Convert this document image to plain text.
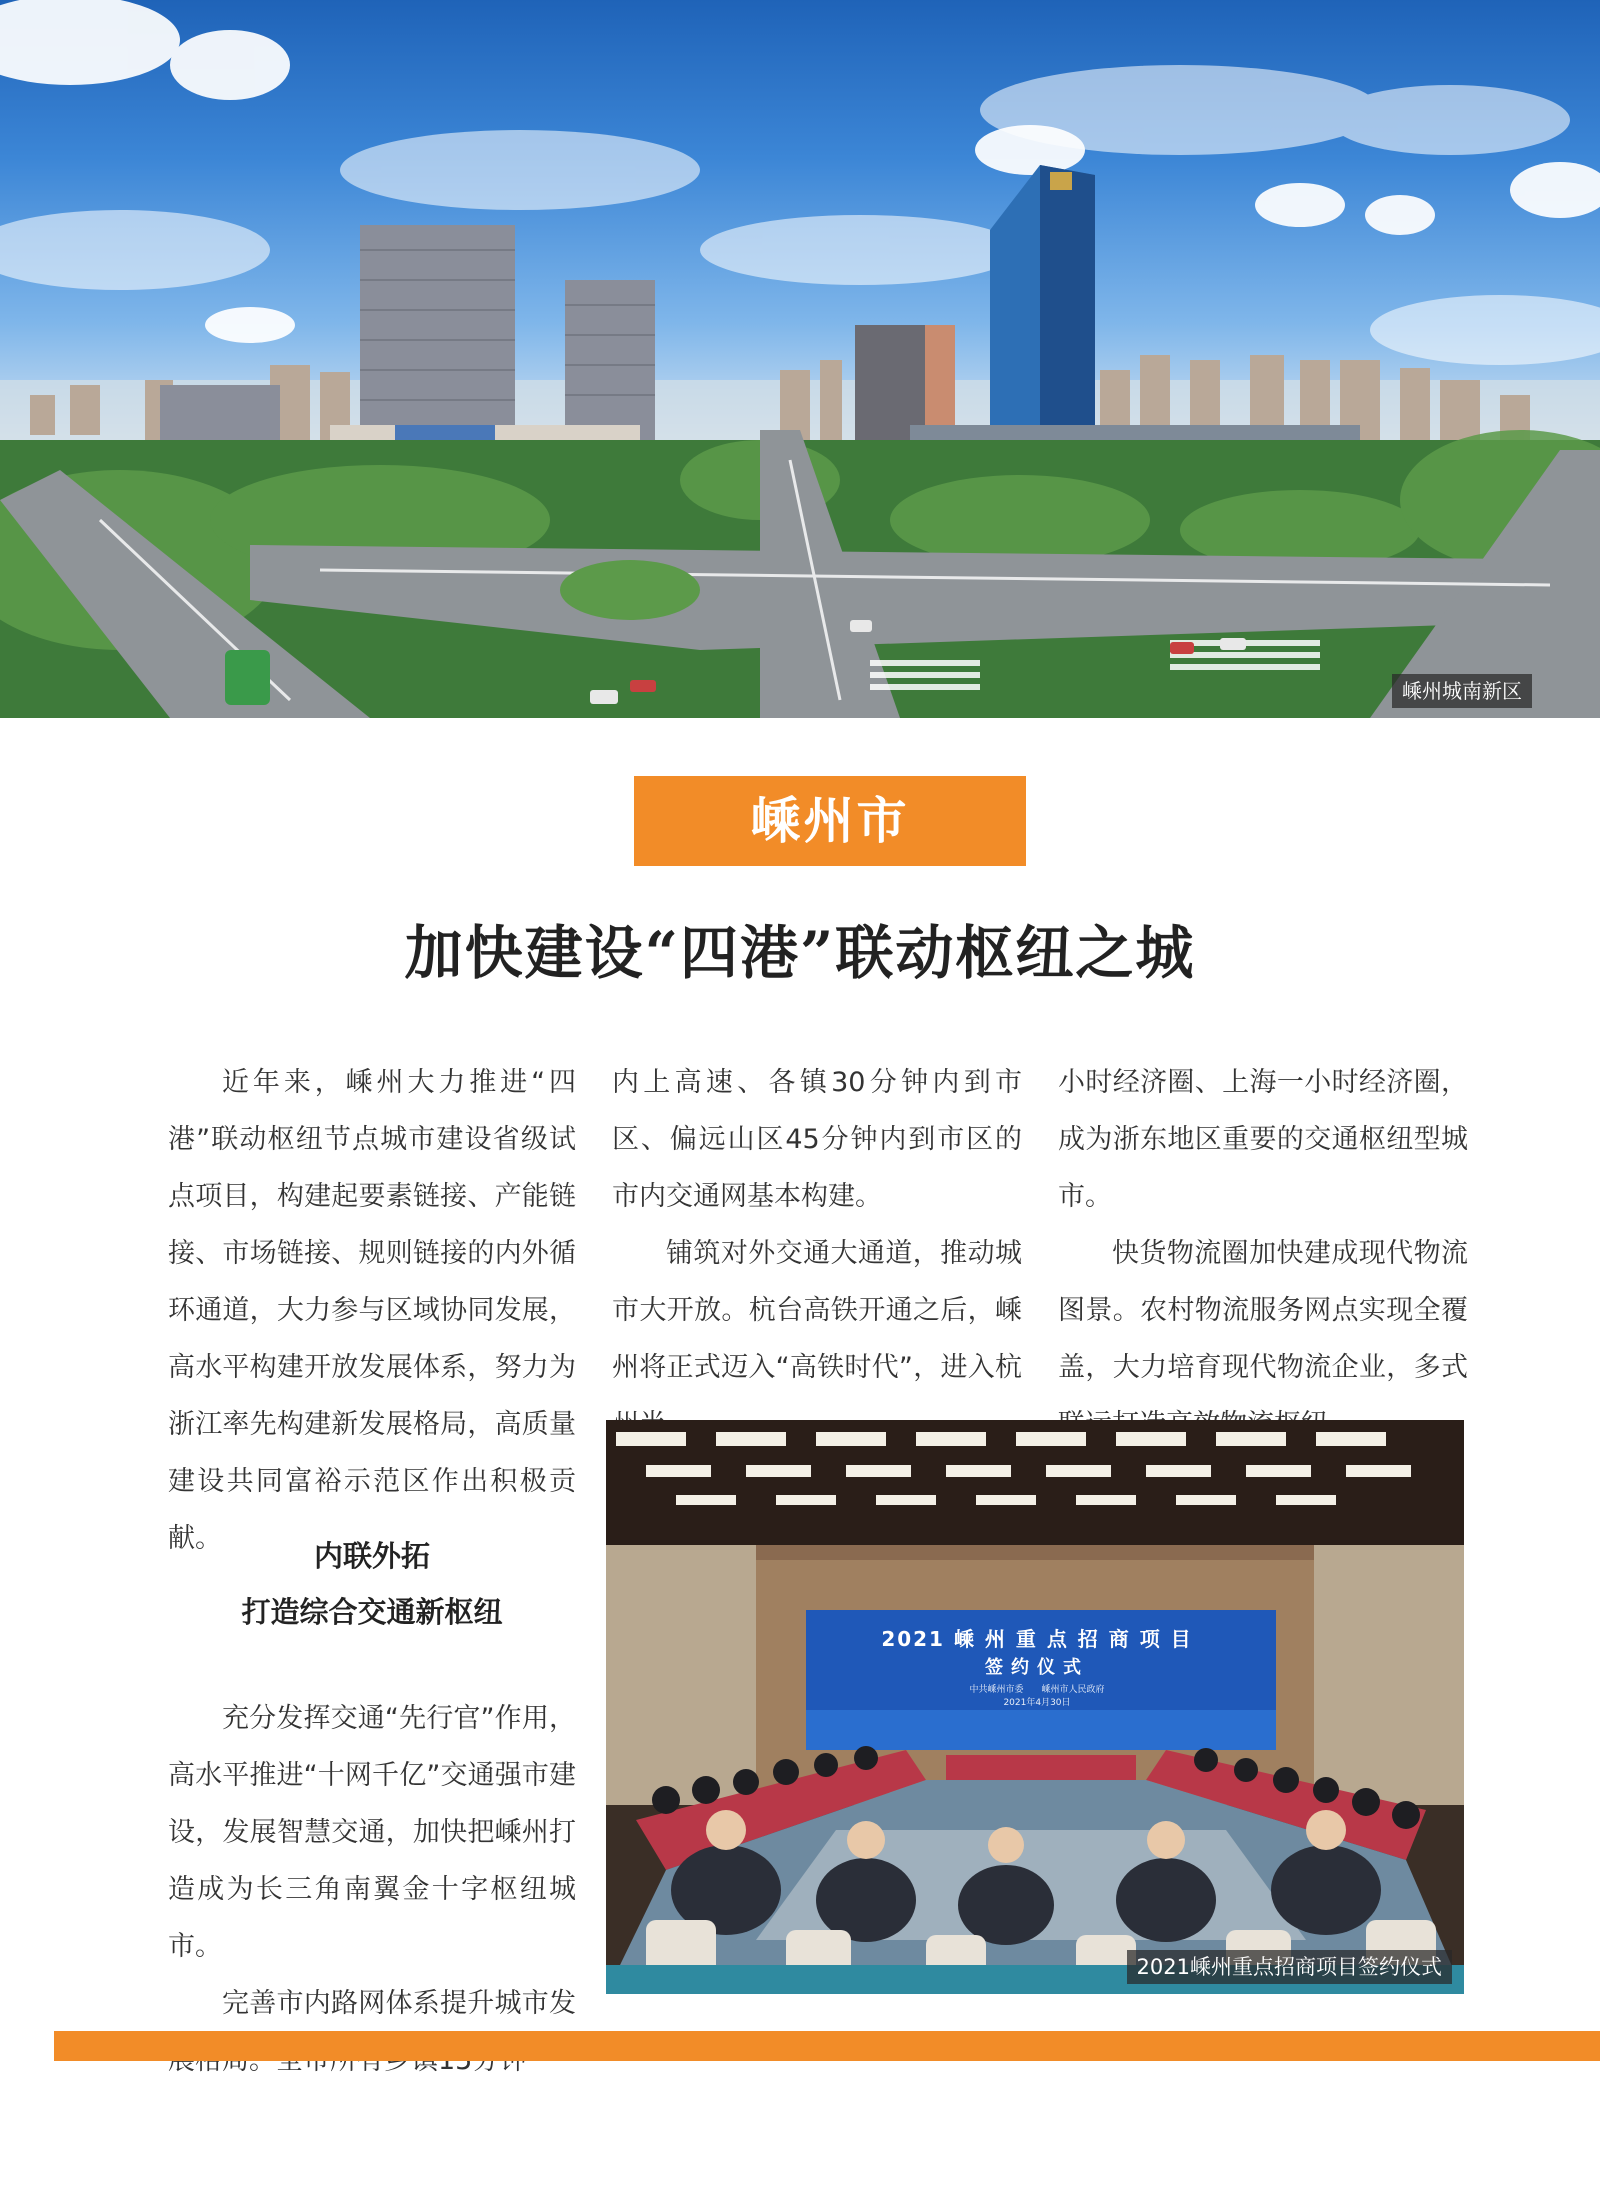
嵊州城南新区
嵊州市
加快建设“四港”联动枢纽之城

近年来，嵊州大力推进“四港”联动枢纽节点城市建设省级试点项目，构建起要素链接、产能链接、市场链接、规则链接的内外循环通道，大力参与区域协同发展，高水平构建开放发展体系，努力为浙江率先构建新发展格局，高质量建设共同富裕示范区作出积极贡献。

内联外拓
打造综合交通新枢纽

充分发挥交通“先行官”作用，高水平推进“十网千亿”交通强市建设，发展智慧交通，加快把嵊州打造成为长三角南翼金十字枢纽城市。

完善市内路网体系提升城市发

内上高速、各镇30分钟内到市区、偏远山区45分钟内到市区的市内交通网基本构建。

铺筑对外交通大通道，推动城市大开放。杭台高铁开通之后，嵊州将正式迈入“高铁时代”，进入杭

小时经济圈、上海一小时经济圈，成为浙东地区重要的交通枢纽型城市。

快货物流圈加快建成现代物流图景。农村物流服务网点实现全覆盖，大力培育现代物流企业，多式

2021 嵊 州 重 点 招 商 项 目
签约仪式
中共嵊州市委　　嵊州市人民政府
2021年4月30日
2021嵊州重点招商项目签约仪式
